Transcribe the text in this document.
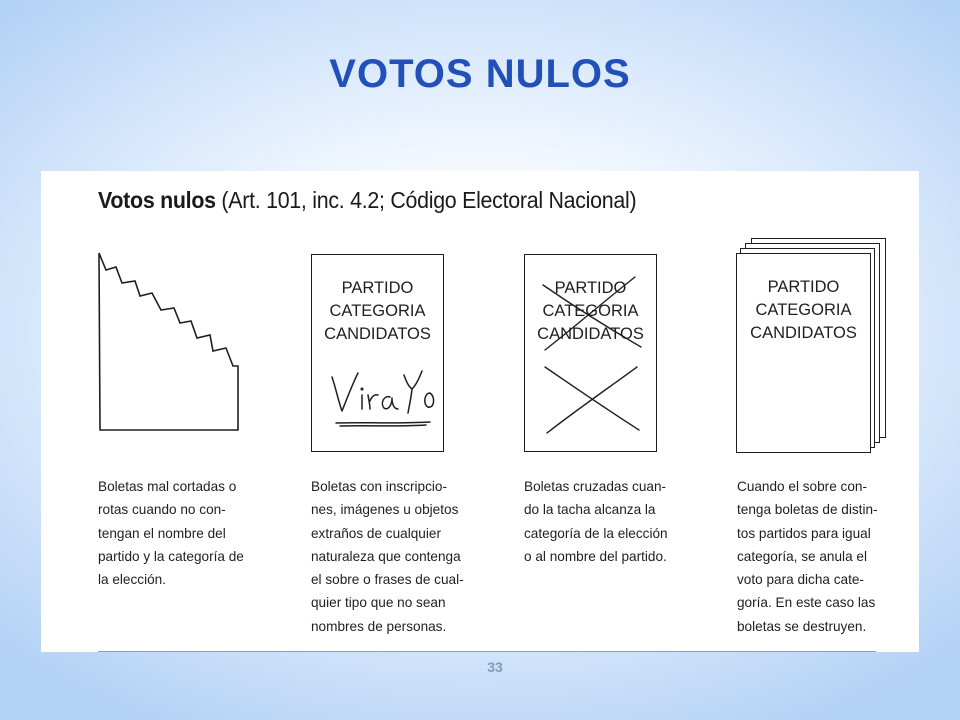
VOTOS NULOS
Votos nulos (Art. 101, inc. 4.2; Código Electoral Nacional)
Boletas mal cortadas o
rotas cuando no con-
tengan el nombre del
partido y la categoría de
la elección.
PARTIDO
CATEGORIA
CANDIDATOS
Boletas con inscripcio-
nes, imágenes u objetos
extraños de cualquier
naturaleza que contenga
el sobre o frases de cual-
quier tipo que no sean
nombres de personas.
PARTIDO
CATEGORIA
CANDIDATOS
Boletas cruzadas cuan-
do la tacha alcanza la
categoría de la elección
o al nombre del partido.
PARTIDO
CATEGORIA
CANDIDATOS
Cuando el sobre con-
tenga boletas de distin-
tos partidos para igual
categoría, se anula el
voto para dicha cate-
goría. En este caso las
boletas se destruyen.
33
